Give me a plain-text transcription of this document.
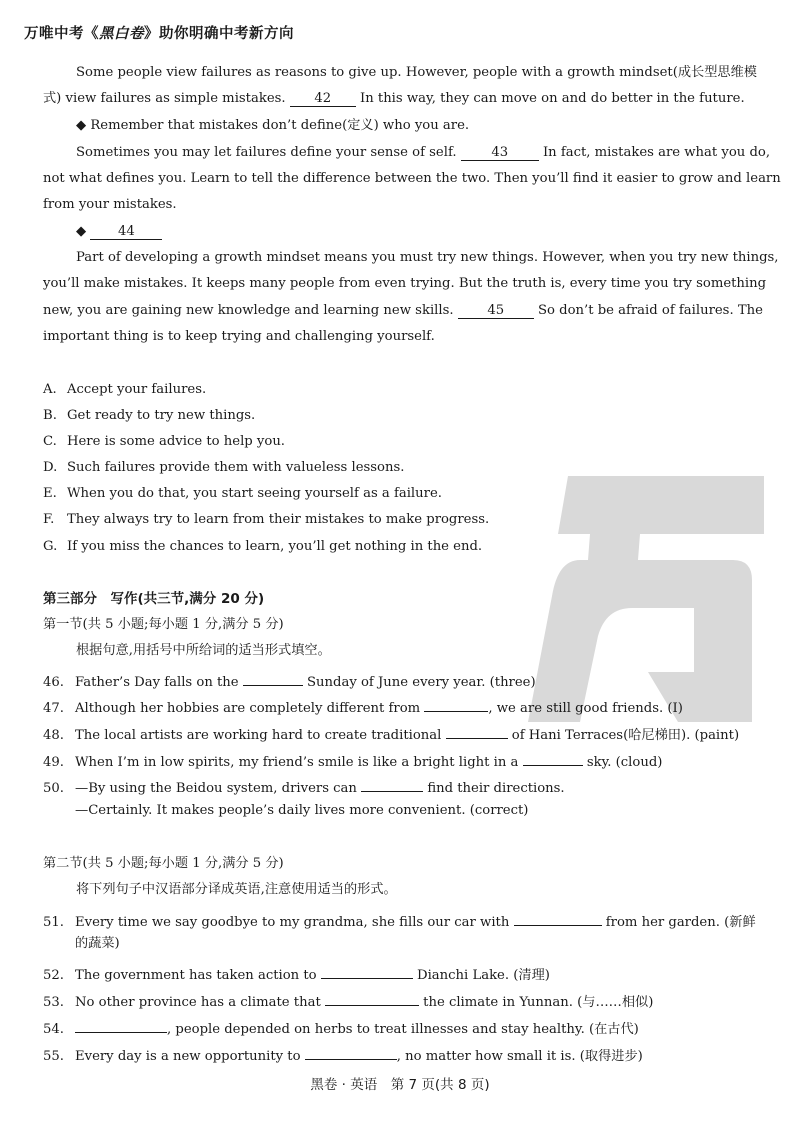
万唯中考《黑白卷》助你明确中考新方向
Some people view failures as reasons to give up. However, people with a growth mindset(成长型思维模
式) view failures as simple mistakes. 42 In this way, they can move on and do better in the future.
◆ Remember that mistakes don’t define(定义) who you are.
Sometimes you may let failures define your sense of self.	43	In fact, mistakes are what you do,
not what defines you. Learn to tell the difference between the two. Then you’ll find it easier to grow and learn
from your mistakes.
◆ 44
Part of developing a growth mindset means you must try new things. However, when you try new things,
you’ll make mistakes. It keeps many people from even trying. But the truth is, every time you try something
new, you are gaining new knowledge and learning new skills.	45	So don’t be afraid of failures. The
important thing is to keep trying and challenging yourself.
A. Accept your failures.
B. Get ready to try new things.
C. Here is some advice to help you.
D. Such failures provide them with valueless lessons.
E. When you do that, you start seeing yourself as a failure.
F. They always try to learn from their mistakes to make progress.
G. If you miss the chances to learn, you’ll get nothing in the end.
第三部分　写作(共三节,满分 20 分)
第一节(共 5 小题;每小题 1 分,满分 5 分)
根据句意,用括号中所给词的适当形式填空。
46. Father’s Day falls on the	Sunday of June every year. (three)
47. Although her hobbies are completely different from	, we are still good friends. (I)
48. The local artists are working hard to create traditional	of Hani Terraces(哈尼梯田). (paint)
49. When I’m in low spirits, my friend’s smile is like a bright light in a	sky. (cloud)
50. —By using the Beidou system, drivers can	find their directions.
—Certainly. It makes people’s daily lives more convenient. (correct)
第二节(共 5 小题;每小题 1 分,满分 5 分)
将下列句子中汉语部分译成英语,注意使用适当的形式。
51. Every time we say goodbye to my grandma, she fills our car with	from her garden. (新鲜
的蔬菜)
52. The government has taken action to	Dianchi Lake. (清理)
53. No other province has a climate that	the climate in Yunnan. (与……相似)
54.	, people depended on herbs to treat illnesses and stay healthy. (在古代)
55. Every day is a new opportunity to	, no matter how small it is. (取得进步)
黑卷 · 英语　第 7 页(共 8 页)
